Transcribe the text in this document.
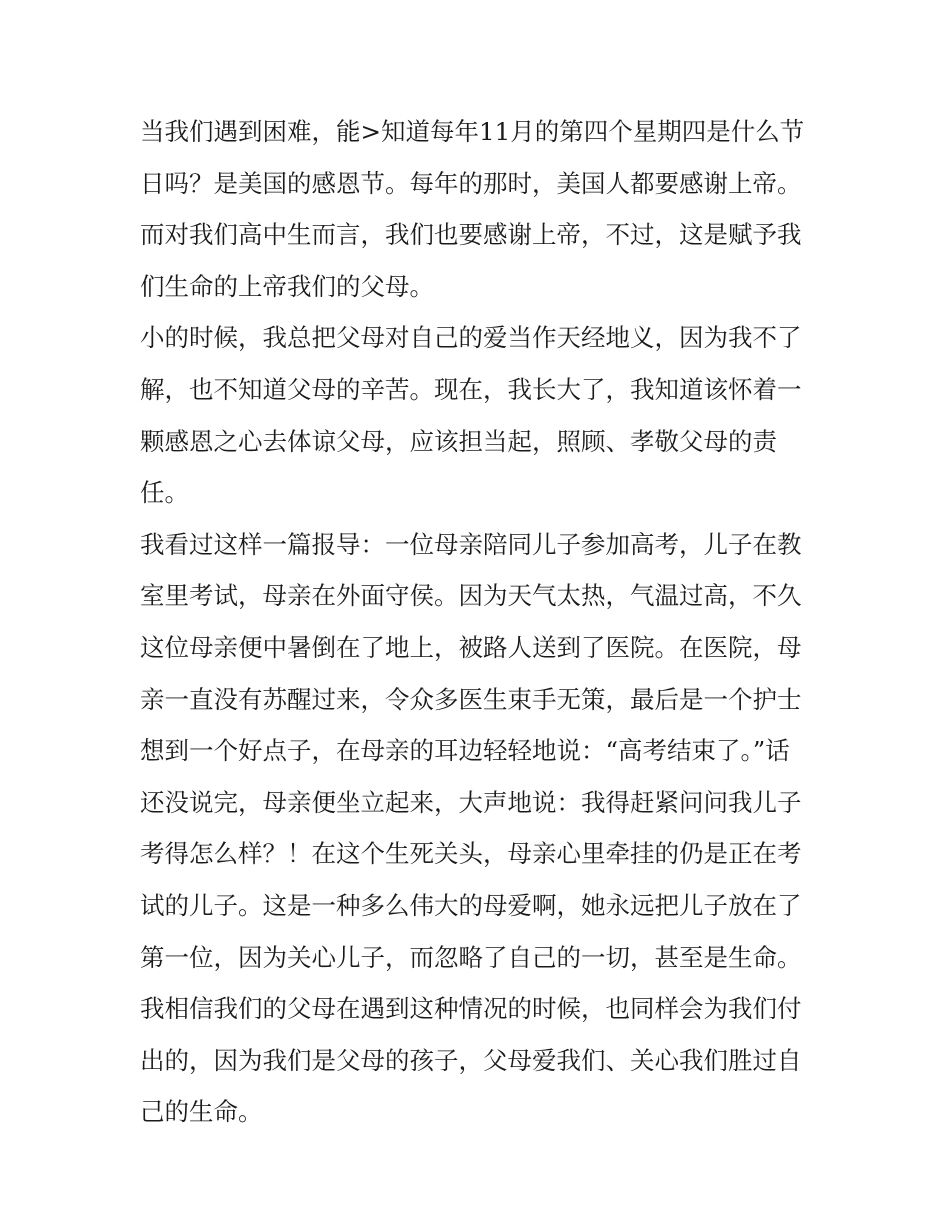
当我们遇到困难，能>知道每年11月的第四个星期四是什么节
日吗？是美国的感恩节。每年的那时，美国人都要感谢上帝。
而对我们高中生而言，我们也要感谢上帝，不过，这是赋予我
们生命的上帝我们的父母。
小的时候，我总把父母对自己的爱当作天经地义，因为我不了
解，也不知道父母的辛苦。现在，我长大了，我知道该怀着一
颗感恩之心去体谅父母，应该担当起，照顾、孝敬父母的责
任。
我看过这样一篇报导：一位母亲陪同儿子参加高考，儿子在教
室里考试，母亲在外面守侯。因为天气太热，气温过高，不久
这位母亲便中暑倒在了地上，被路人送到了医院。在医院，母
亲一直没有苏醒过来，令众多医生束手无策，最后是一个护士
想到一个好点子，在母亲的耳边轻轻地说：“高考结束了。”话
还没说完，母亲便坐立起来，大声地说：我得赶紧问问我儿子
考得怎么样？！在这个生死关头，母亲心里牵挂的仍是正在考
试的儿子。这是一种多么伟大的母爱啊，她永远把儿子放在了
第一位，因为关心儿子，而忽略了自己的一切，甚至是生命。
我相信我们的父母在遇到这种情况的时候，也同样会为我们付
出的，因为我们是父母的孩子，父母爱我们、关心我们胜过自
己的生命。
